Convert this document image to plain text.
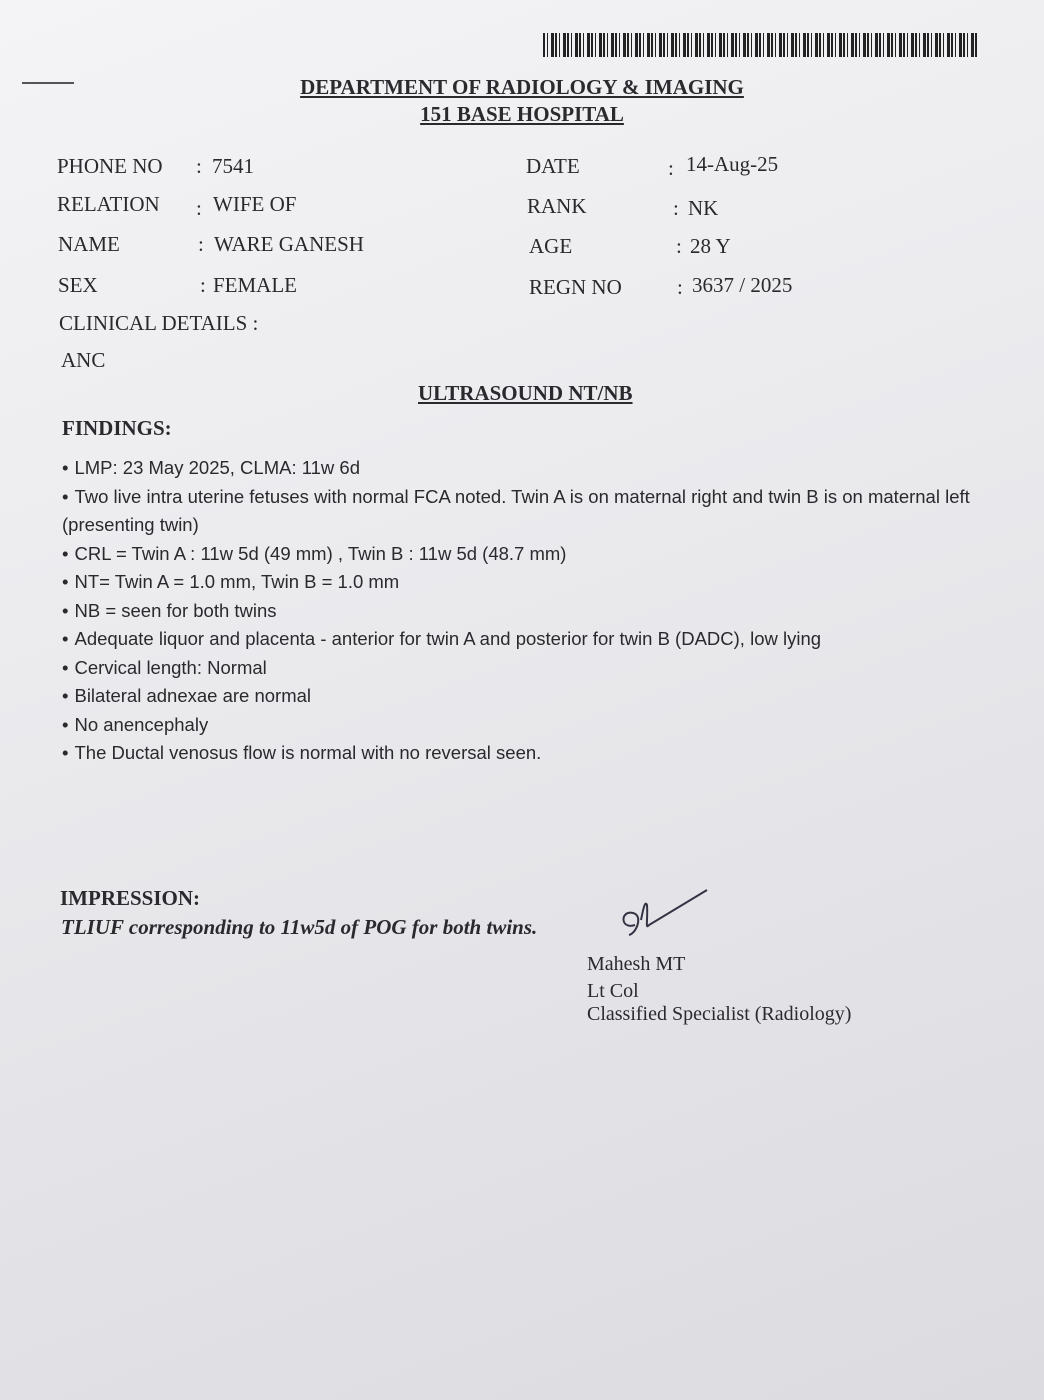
DEPARTMENT OF RADIOLOGY & IMAGING
151 BASE HOSPITAL
PHONE NO : 7541
RELATION : WIFE OF
NAME	: WARE GANESH
SEX	: FEMALE
DATE	: 14-Aug-25
RANK	: NK
AGE	: 28 Y
REGN NO	: 3637 / 2025
CLINICAL DETAILS :
ANC
ULTRASOUND NT/NB
FINDINGS:
• LMP: 23 May 2025, CLMA: 11w 6d
• Two live intra uterine fetuses with normal FCA noted. Twin A is on maternal right and twin B is on maternal left (presenting twin)
• CRL = Twin A : 11w 5d (49 mm) , Twin B : 11w 5d (48.7 mm)
• NT= Twin A = 1.0 mm, Twin B = 1.0 mm
• NB = seen for both twins
• Adequate liquor and placenta - anterior for twin A and posterior for twin B (DADC), low lying
• Cervical length: Normal
• Bilateral adnexae are normal
• No anencephaly
• The Ductal venosus flow is normal with no reversal seen.
IMPRESSION:
TLIUF corresponding to 11w5d of POG for both twins.
Mahesh MT
Lt Col
Classified Specialist (Radiology)
